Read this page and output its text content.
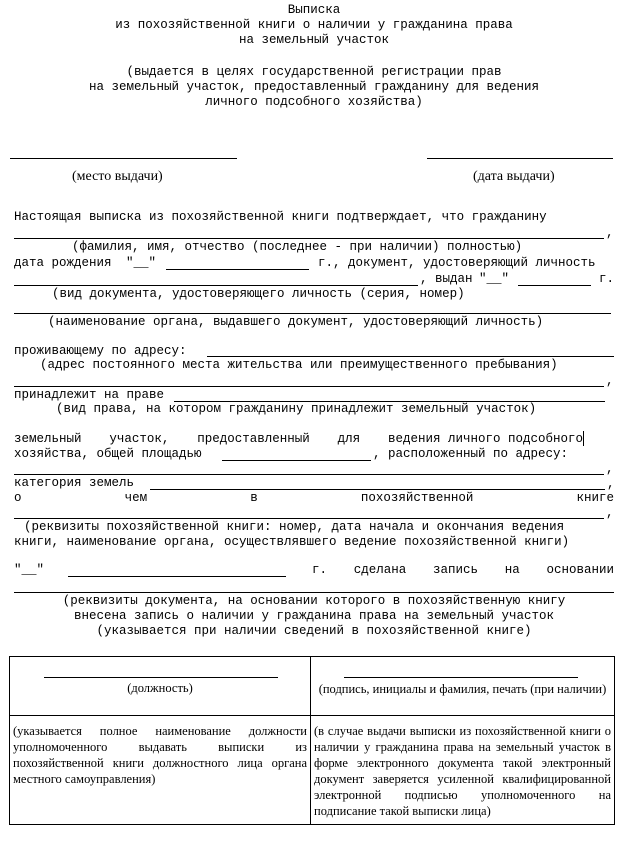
Выписка
из похозяйственной книги о наличии у гражданина права
на земельный участок
(выдается в целях государственной регистрации прав
на земельный участок, предоставленный гражданину для ведения
личного подсобного хозяйства)
(место выдачи)	(дата выдачи)
Настоящая выписка из похозяйственной книги подтверждает, что гражданину
,
(фамилия, имя, отчество (последнее - при наличии) полностью)
дата рождения "__"	г., документ, удостоверяющий личность
, выдан "__"	г.
(вид документа, удостоверяющего личность (серия, номер)
(наименование органа, выдавшего документ, удостоверяющий личность)
проживающему по адресу:
(адрес постоянного места жительства или преимущественного пребывания)
,
принадлежит на праве
(вид права, на котором гражданину принадлежит земельный участок)
земельный участок, предоставленный для ведения личного подсобного
хозяйства, общей площадью	, расположенный по адресу:
,
категория земель	,
о	чем	в	похозяйственной	книге
,
(реквизиты похозяйственной книги: номер, дата начала и окончания ведения
книги, наименование органа, осуществлявшего ведение похозяйственной книги)
"__"	г. сделана запись на основании
(реквизиты документа, на основании которого в похозяйственную книгу
внесена запись о наличии у гражданина права на земельный участок
(указывается при наличии сведений в похозяйственной книге)
(должность)	(подпись, инициалы и фамилия, печать (при наличии)

(указывается полное наименование должности уполномоченного выдавать выписки из похозяйственной книги должностного лица органа местного самоуправления)	(в случае выдачи выписки из похозяйственной книги о наличии у гражданина права на земельный участок в форме электронного документа такой электронный документ заверяется усиленной квалифицированной электронной подписью уполномоченного на подписание такой выписки лица)
